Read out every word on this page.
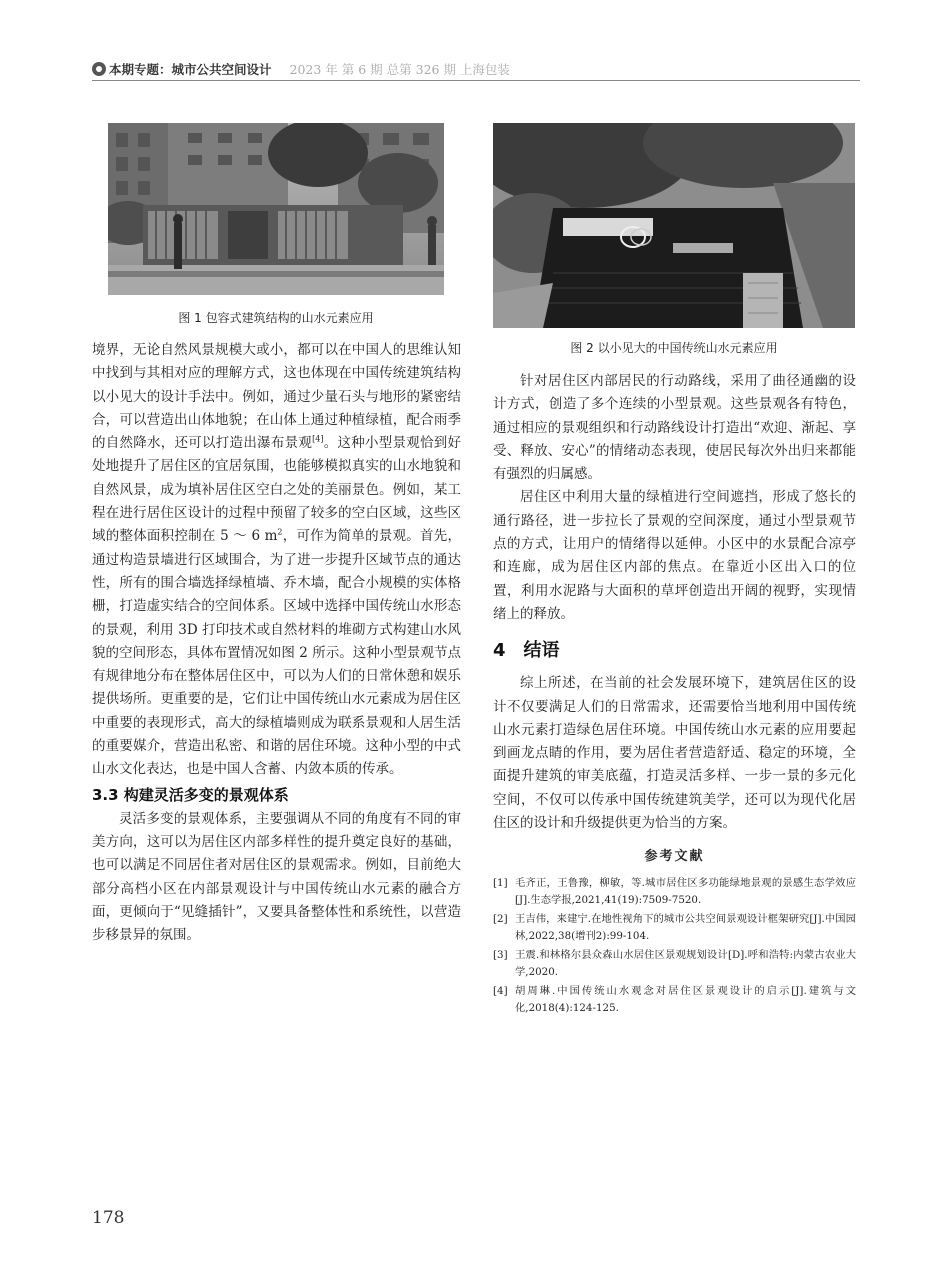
本期专题：城市公共空间设计 2023 年 第 6 期 总第 326 期 上海包装
图 1 包容式建筑结构的山水元素应用
图 2 以小见大的中国传统山水元素应用

境界，无论自然风景规模大或小，都可以在中国人的思维认知中找到与其相对应的理解方式，这也体现在中国传统建筑结构以小见大的设计手法中。例如，通过少量石头与地形的紧密结合，可以营造出山体地貌；在山体上通过种植绿植，配合雨季的自然降水，还可以打造出瀑布景观[4]。这种小型景观恰到好处地提升了居住区的宜居氛围，也能够模拟真实的山水地貌和自然风景，成为填补居住区空白之处的美丽景色。例如，某工程在进行居住区设计的过程中预留了较多的空白区域，这些区域的整体面积控制在 5 ～ 6 $m^2$，可作为简单的景观。首先，通过构造景墙进行区域围合，为了进一步提升区域节点的通达性，所有的围合墙选择绿植墙、乔木墙，配合小规模的实体格栅，打造虚实结合的空间体系。区域中选择中国传统山水形态的景观，利用 3D 打印技术或自然材料的堆砌方式构建山水风貌的空间形态，具体布置情况如图 2 所示。这种小型景观节点有规律地分布在整体居住区中，可以为人们的日常休憩和娱乐提供场所。更重要的是，它们让中国传统山水元素成为居住区中重要的表现形式，高大的绿植墙则成为联系景观和人居生活的重要媒介，营造出私密、和谐的居住环境。这种小型的中式山水文化表达，也是中国人含蓄、内敛本质的传承。

3.3 构建灵活多变的景观体系

灵活多变的景观体系，主要强调从不同的角度有不同的审美方向，这可以为居住区内部多样性的提升奠定良好的基础，也可以满足不同居住者对居住区的景观需求。例如，目前绝大部分高档小区在内部景观设计与中国传统山水元素的融合方面，更倾向于“见缝插针”，又要具备整体性和系统性，以营造步移景异的氛围。

针对居住区内部居民的行动路线，采用了曲径通幽的设计方式，创造了多个连续的小型景观。这些景观各有特色，通过相应的景观组织和行动路线设计打造出“欢迎、渐起、享受、释放、安心”的情绪动态表现，使居民每次外出归来都能有强烈的归属感。

居住区中利用大量的绿植进行空间遮挡，形成了悠长的通行路径，进一步拉长了景观的空间深度，通过小型景观节点的方式，让用户的情绪得以延伸。小区中的水景配合凉亭和连廊，成为居住区内部的焦点。在靠近小区出入口的位置，利用水泥路与大面积的草坪创造出开阔的视野，实现情绪上的释放。

4 结语

综上所述，在当前的社会发展环境下，建筑居住区的设计不仅要满足人们的日常需求，还需要恰当地利用中国传统山水元素打造绿色居住环境。中国传统山水元素的应用要起到画龙点睛的作用，要为居住者营造舒适、稳定的环境，全面提升建筑的审美底蕴，打造灵活多样、一步一景的多元化空间，不仅可以传承中国传统建筑美学，还可以为现代化居住区的设计和升级提供更为恰当的方案。

参考文献
[1] 毛齐正，王鲁豫，柳敏，等.城市居住区多功能绿地景观的景感生态学效应[J].生态学报,2021,41(19):7509-7520.
[2] 王吉伟，来建宁.在地性视角下的城市公共空间景观设计框架研究[J].中国园林,2022,38(增刊2):99-104.
[3] 王震.和林格尔县众森山水居住区景观规划设计[D].呼和浩特:内蒙古农业大学,2020.
[4] 胡周琳.中国传统山水观念对居住区景观设计的启示[J].建筑与文化,2018(4):124-125.
178
